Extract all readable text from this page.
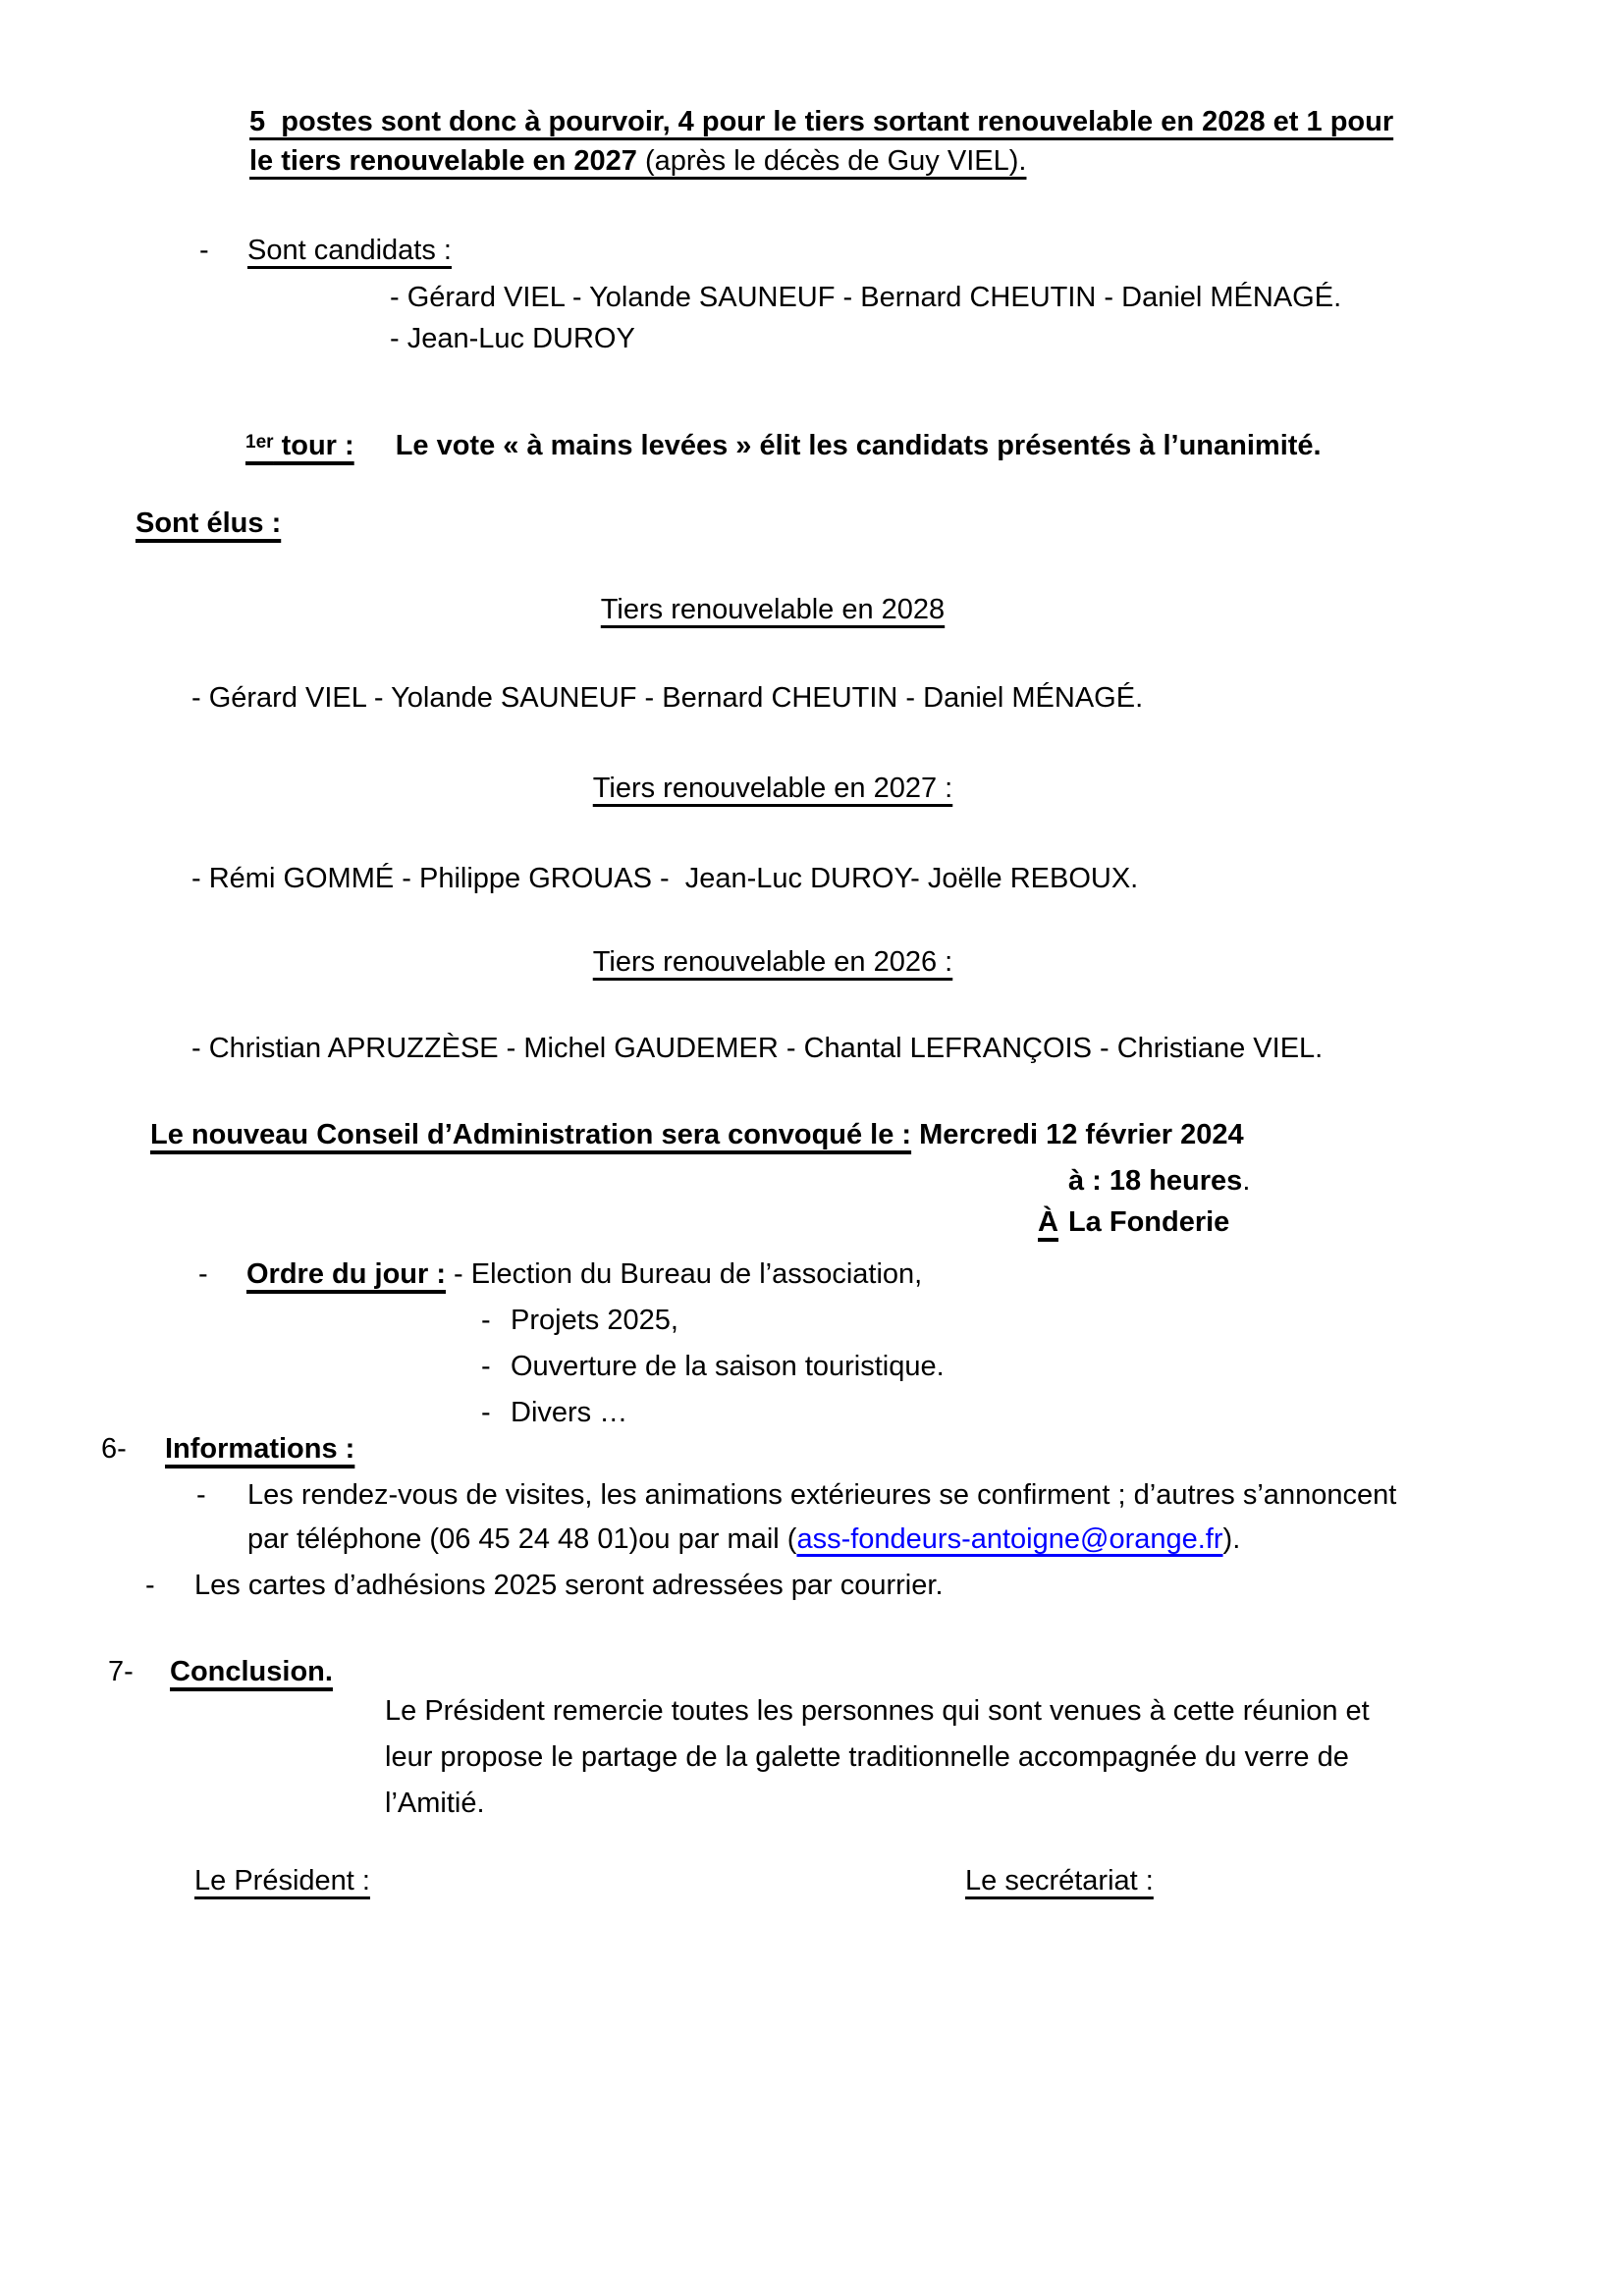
5  postes sont donc à pourvoir, 4 pour le tiers sortant renouvelable en 2028 et 1 pour
le tiers renouvelable en 2027 (après le décès de Guy VIEL).
- Sont candidats :
- Gérard VIEL - Yolande SAUNEUF - Bernard CHEUTIN - Daniel MÉNAGÉ.
- Jean-Luc DUROY
$^{1er}$ tour : Le vote « à mains levées » élit les candidats présentés à l’unanimité.
Sont élus :
Tiers renouvelable en 2028
- Gérard VIEL - Yolande SAUNEUF - Bernard CHEUTIN - Daniel MÉNAGÉ.
Tiers renouvelable en 2027 :
- Rémi GOMMÉ - Philippe GROUAS -  Jean-Luc DUROY- Joëlle REBOUX.
Tiers renouvelable en 2026 :
- Christian APRUZZÈSE - Michel GAUDEMER - Chantal LEFRANÇOIS - Christiane VIEL.
Le nouveau Conseil d’Administration sera convoqué le : Mercredi 12 février 2024
à : 18 heures.
À La Fonderie
- Ordre du jour : - Election du Bureau de l’association,
- Projets 2025,
- Ouverture de la saison touristique.
- Divers …
6- Informations :
- Les rendez-vous de visites, les animations extérieures se confirment ; d’autres s’annoncent
par téléphone (06 45 24 48 01)ou par mail (ass-fondeurs-antoigne@orange.fr).
- Les cartes d’adhésions 2025 seront adressées par courrier.
7- Conclusion.
Le Président remercie toutes les personnes qui sont venues à cette réunion et
leur propose le partage de la galette traditionnelle accompagnée du verre de
l’Amitié.
Le Président :	Le secrétariat :
